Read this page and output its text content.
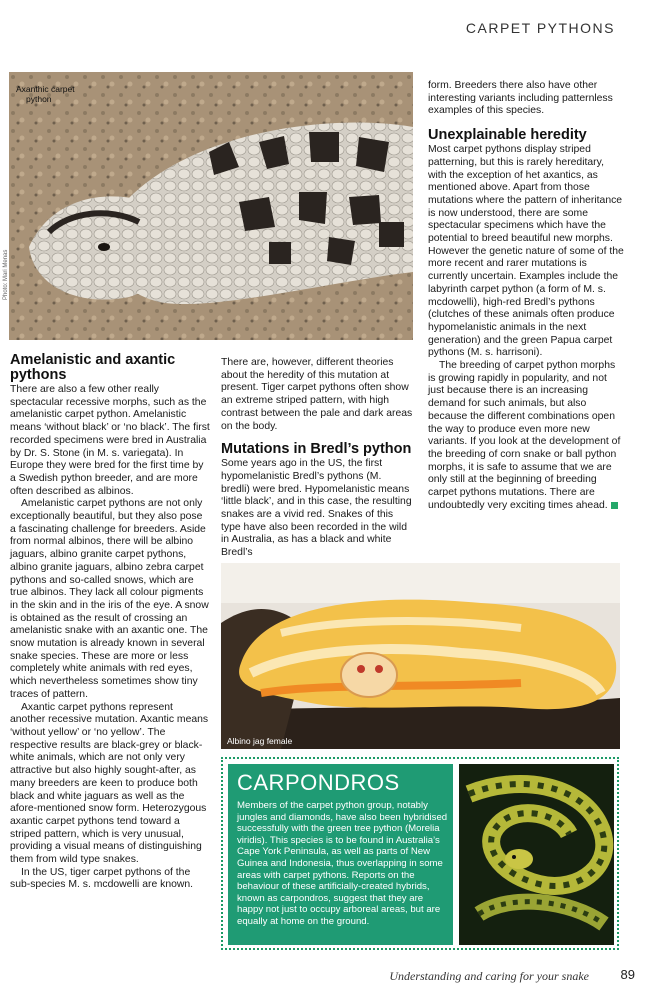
CARPET PYTHONS
Axanthic carpet
python
Photo: Mari Menas
Amelanistic and axantic pythons

There are also a few other really spectacular recessive morphs, such as the amelanistic carpet python. Amelanistic means ‘without black’ or ‘no black’. The first recorded specimens were bred in Australia by Dr. S. Stone (in M. s. variegata). In Europe they were bred for the first time by a Swedish python breeder, and are more often described as albinos.

Amelanistic carpet pythons are not only exceptionally beautiful, but they also pose a fascinating challenge for breeders. Aside from normal albinos, there will be albino jaguars, albino granite carpet pythons, albino granite jaguars, albino zebra carpet pythons and so-called snows, which are true albinos. They lack all colour pigments in the skin and in the iris of the eye. A snow is obtained as the result of crossing an amelanistic snake with an axantic one. The snow mutation is already known in several snake species. These are more or less completely white animals with red eyes, which nevertheless sometimes show tiny traces of pattern.

Axantic carpet pythons represent another recessive mutation. Axantic means ‘without yellow’ or ‘no yellow’. The respective results are black-grey or black-white animals, which are not only very attractive but also highly sought-after, as many breeders are keen to produce both black and white jaguars as well as the afore-mentioned snow form. Heterozygous axantic carpet pythons tend toward a striped pattern, which is very unusual, providing a visual means of distinguishing them from wild type snakes.

In the US, tiger carpet pythons of the sub-species M. s. mcdowelli are known.

There are, however, different theories about the heredity of this mutation at present. Tiger carpet pythons often show an extreme striped pattern, with high contrast between the pale and dark areas on the body.

Mutations in Bredl’s python

Some years ago in the US, the first hypomelanistic Bredl’s pythons (M. bredli) were bred. Hypomelanistic means ‘little black’, and in this case, the resulting snakes are a vivid red. Snakes of this type have also been recorded in the wild in Australia, as has a black and white Bredl’s

form. Breeders there also have other interesting variants including patternless examples of this species.

Unexplainable heredity

Most carpet pythons display striped patterning, but this is rarely hereditary, with the exception of het axantics, as mentioned above. Apart from those mutations where the pattern of inheritance is now understood, there are some spectacular specimens which have the potential to breed beautiful new morphs. However the genetic nature of some of the more recent and rarer mutations is currently uncertain. Examples include the labyrinth carpet python (a form of M. s. mcdowelli), high-red Bredl’s pythons (clutches of these animals often produce hypomelanistic animals in the next generation) and the green Papua carpet pythons (M. s. harrisoni).

The breeding of carpet python morphs is growing rapidly in popularity, and not just because there is an increasing demand for such animals, but also because the different combinations open the way to produce even more new variants. If you look at the development of the breeding of corn snake or ball python morphs, it is safe to assume that we are only still at the beginning of breeding carpet pythons mutations. There are undoubtedly very exciting times ahead.

Albino jag female
CARPONDROS
Members of the carpet python group, notably jungles and diamonds, have also been hybridised successfully with the green tree python (Morelia viridis). This species is to be found in Australia’s Cape York Peninsula, as well as parts of New Guinea and Indonesia, thus overlapping in some areas with carpet pythons. Reports on the behaviour of these artificially-created hybrids, known as carpondros, suggest that they are happy not just to occupy arboreal areas, but are equally at home on the ground.
Understanding and caring for your snake 89
